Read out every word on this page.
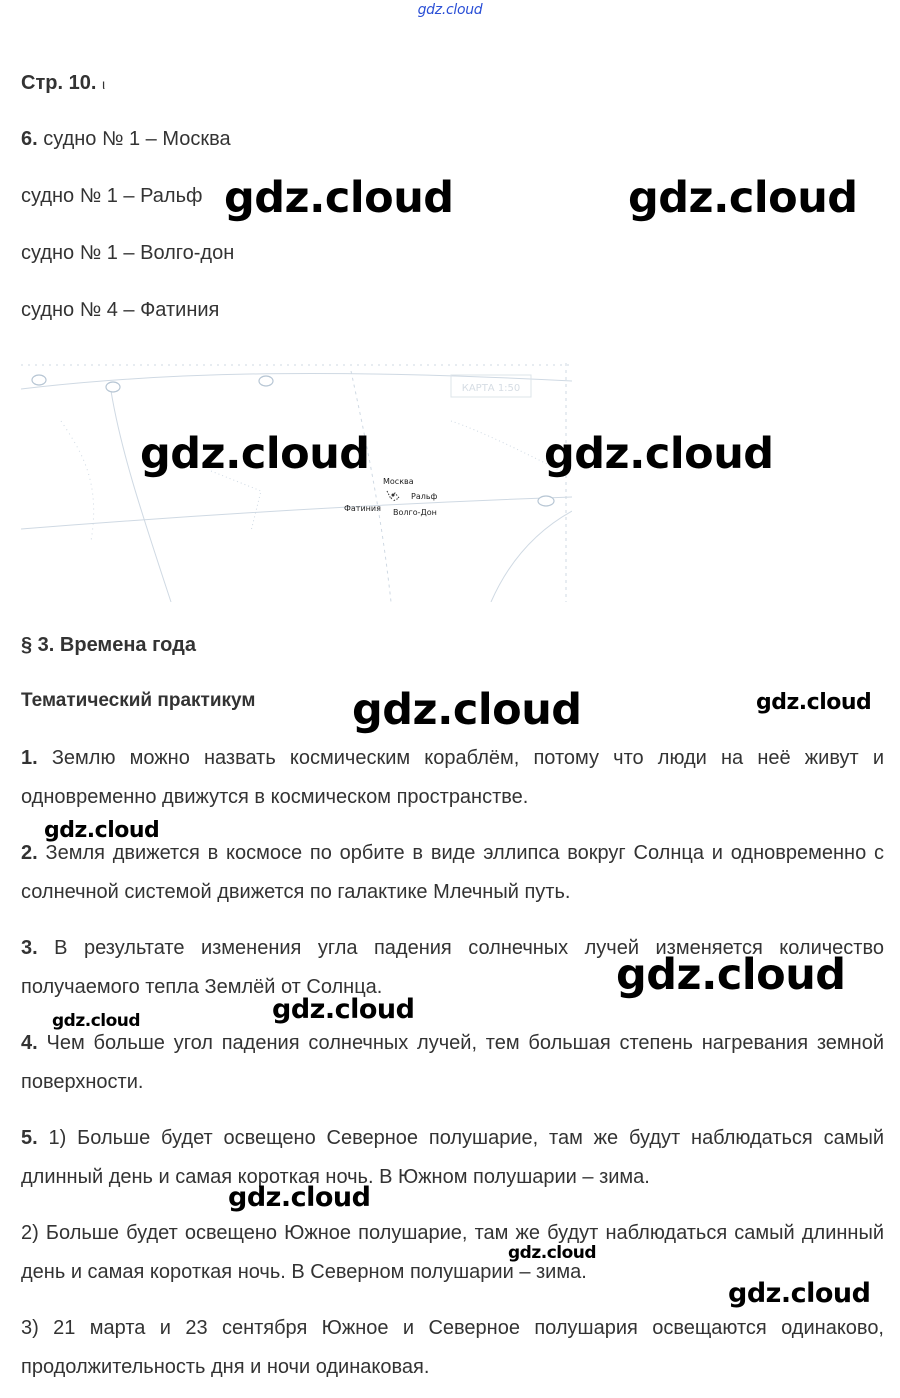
gdz.cloud
Стр. 10. ι
6. судно № 1 – Москва
судно № 1 – Ральф
судно № 1 – Волго-дон
судно № 4 – Фатиния
КАРТА 1:50
Москва
Ральф
Фатиния Волго-Дон
§ 3. Времена года
Тематический практикум
1. Землю можно назвать космическим кораблём, потому что люди на неё живут и одновременно движутся в космическом пространстве.
2. Земля движется в космосе по орбите в виде эллипса вокруг Солнца и одновременно с солнечной системой движется по галактике Млечный путь.
3. В результате изменения угла падения солнечных лучей изменяется количество получаемого тепла Землёй от Солнца.
4. Чем больше угол падения солнечных лучей, тем большая степень нагревания земной поверхности.
5. 1) Больше будет освещено Северное полушарие, там же будут наблюдаться самый длинный день и самая короткая ночь. В Южном полушарии – зима.
2) Больше будет освещено Южное полушарие, там же будут наблюдаться самый длинный день и самая короткая ночь. В Северном полушарии – зима.
3) 21 марта и 23 сентября Южное и Северное полушария освещаются одинаково, продолжительность дня и ночи одинаковая.
gdz.cloud	gdz.cloud
gdz.cloud	gdz.cloud
gdz.cloud	gdz.cloud
gdz.cloud
gdz.cloud
gdz.cloud
gdz.cloud
gdz.cloud
gdz.cloud
gdz.cloud
